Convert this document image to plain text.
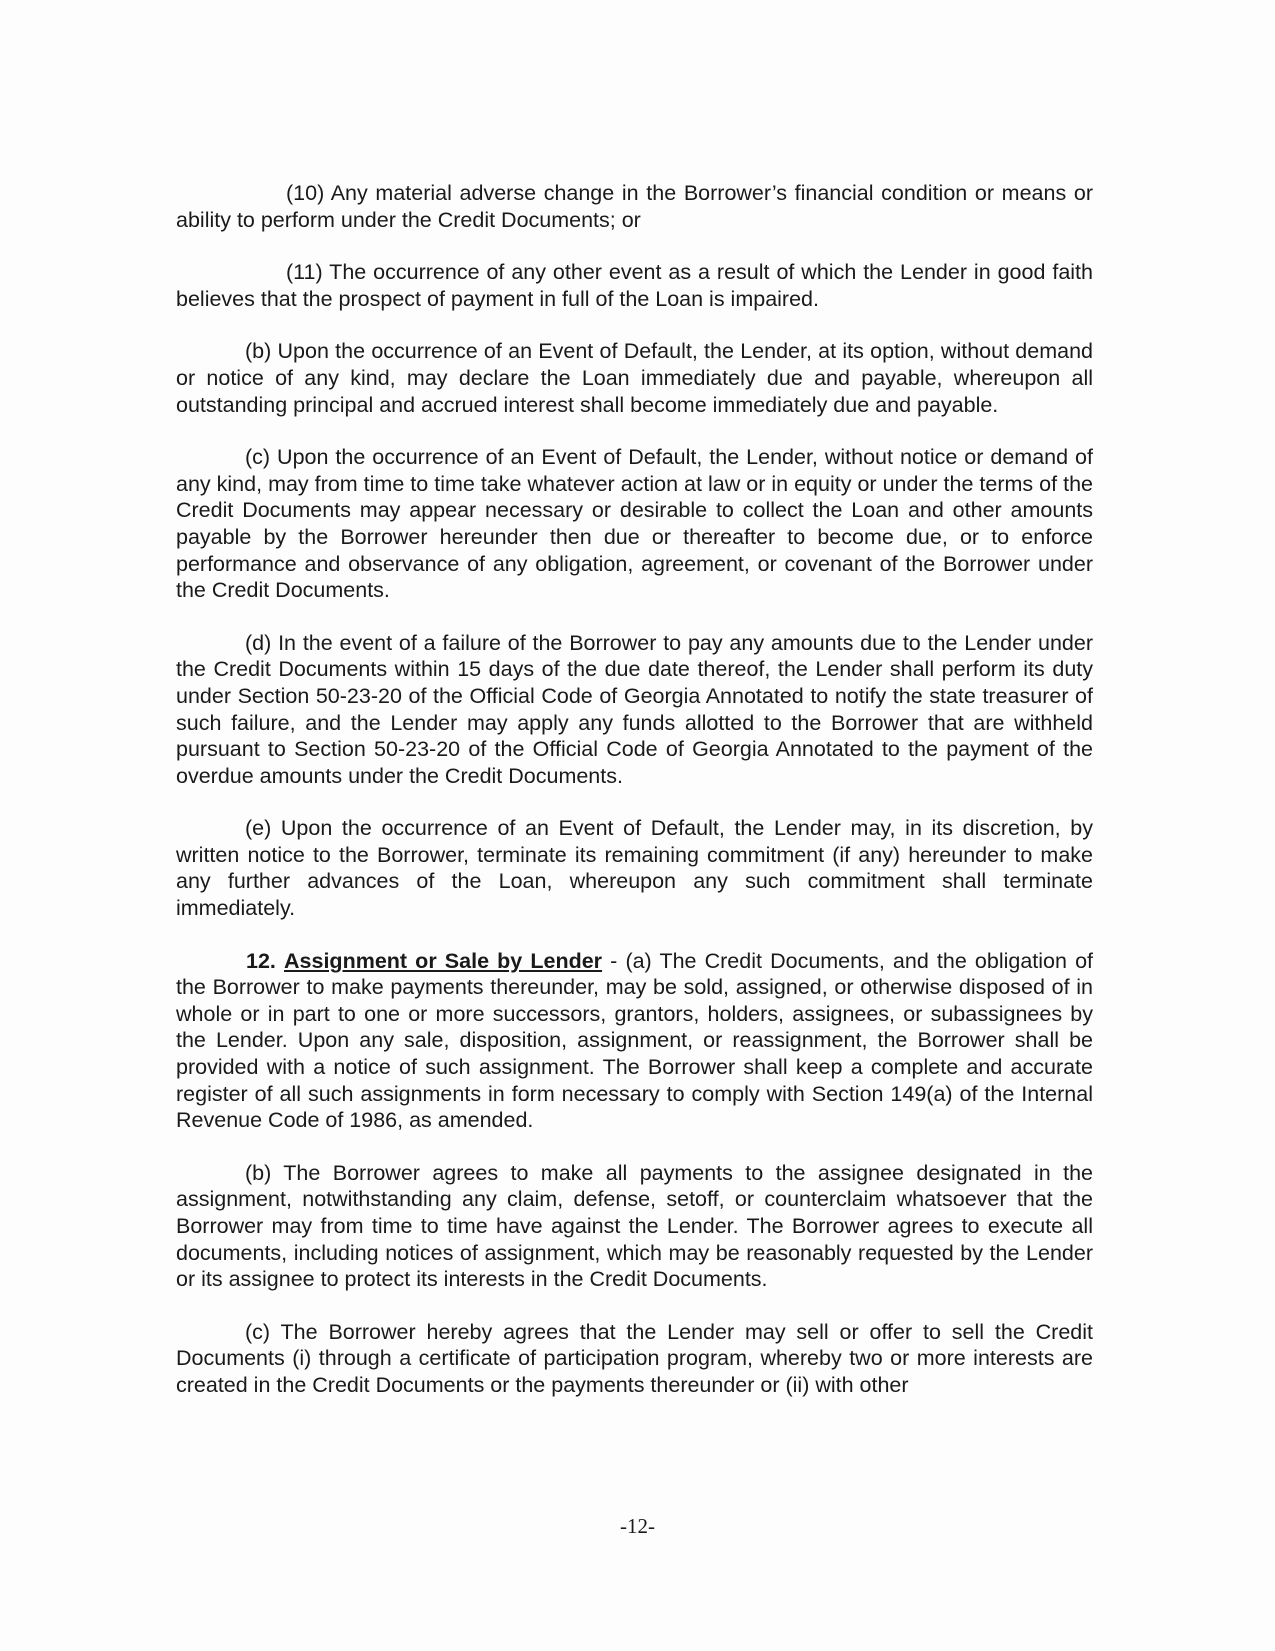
(10) Any material adverse change in the Borrower’s financial condition or means or ability to perform under the Credit Documents; or

(11) The occurrence of any other event as a result of which the Lender in good faith believes that the prospect of payment in full of the Loan is impaired.

(b) Upon the occurrence of an Event of Default, the Lender, at its option, without demand or notice of any kind, may declare the Loan immediately due and payable, whereupon all outstanding principal and accrued interest shall become immediately due and payable.

(c) Upon the occurrence of an Event of Default, the Lender, without notice or demand of any kind, may from time to time take whatever action at law or in equity or under the terms of the Credit Documents may appear necessary or desirable to collect the Loan and other amounts payable by the Borrower hereunder then due or thereafter to become due, or to enforce performance and observance of any obligation, agreement, or covenant of the Borrower under the Credit Documents.

(d) In the event of a failure of the Borrower to pay any amounts due to the Lender under the Credit Documents within 15 days of the due date thereof, the Lender shall perform its duty under Section 50-23-20 of the Official Code of Georgia Annotated to notify the state treasurer of such failure, and the Lender may apply any funds allotted to the Borrower that are withheld pursuant to Section 50-23-20 of the Official Code of Georgia Annotated to the payment of the overdue amounts under the Credit Documents.

(e) Upon the occurrence of an Event of Default, the Lender may, in its discretion, by written notice to the Borrower, terminate its remaining commitment (if any) hereunder to make any further advances of the Loan, whereupon any such commitment shall terminate immediately.

12. Assignment or Sale by Lender - (a) The Credit Documents, and the obligation of the Borrower to make payments thereunder, may be sold, assigned, or otherwise disposed of in whole or in part to one or more successors, grantors, holders, assignees, or subassignees by the Lender. Upon any sale, disposition, assignment, or reassignment, the Borrower shall be provided with a notice of such assignment. The Borrower shall keep a complete and accurate register of all such assignments in form necessary to comply with Section 149(a) of the Internal Revenue Code of 1986, as amended.

(b) The Borrower agrees to make all payments to the assignee designated in the assignment, notwithstanding any claim, defense, setoff, or counterclaim whatsoever that the Borrower may from time to time have against the Lender. The Borrower agrees to execute all documents, including notices of assignment, which may be reasonably requested by the Lender or its assignee to protect its interests in the Credit Documents.

(c) The Borrower hereby agrees that the Lender may sell or offer to sell the Credit Documents (i) through a certificate of participation program, whereby two or more interests are created in the Credit Documents or the payments thereunder or (ii) with other

-12-
